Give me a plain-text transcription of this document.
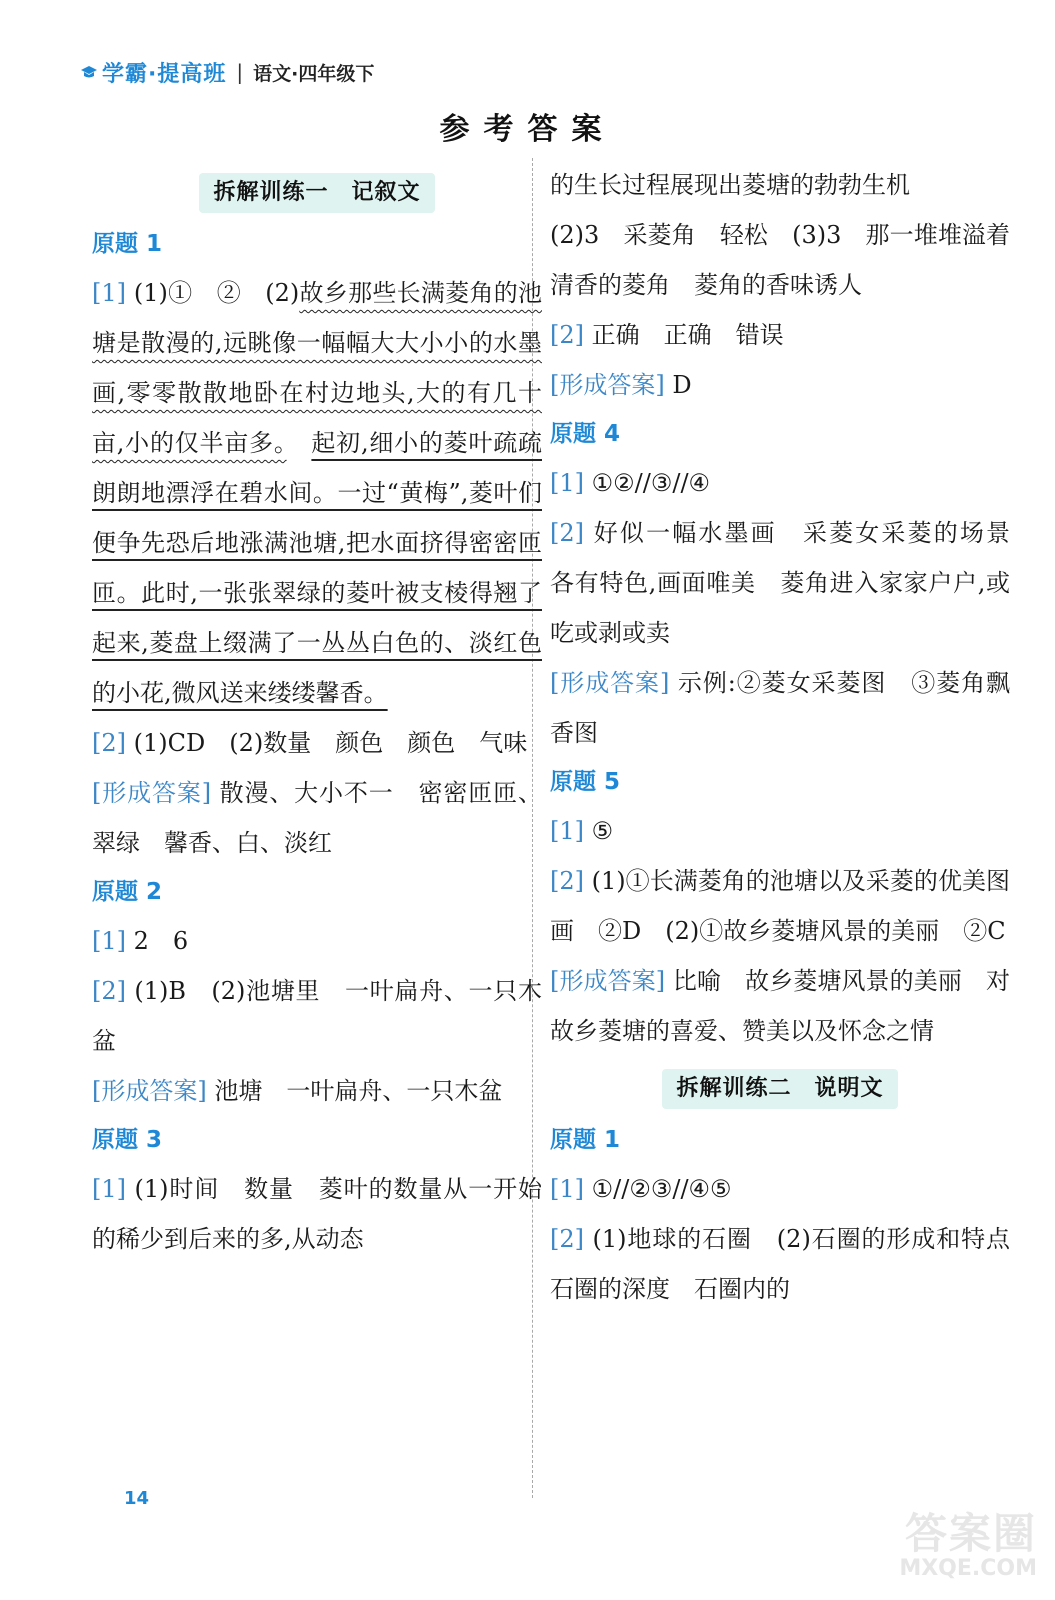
学霸·提高班 | 语文·四年级下
参考答案
拆解训练一　记叙文
原题 1

[1] (1)①　②　(2)故乡那些长满菱角的池塘是散漫的,远眺像一幅幅大大小小的水墨画,零零散散地卧在村边地头,大的有几十亩,小的仅半亩多。　 起初,细小的菱叶疏疏朗朗地漂浮在碧水间。一过“黄梅”,菱叶们便争先恐后地涨满池塘,把水面挤得密密匝匝。此时,一张张翠绿的菱叶被支棱得翘了起来,菱盘上缀满了一丛丛白色的、淡红色的小花,微风送来缕缕馨香。

[2] (1)CD　(2)数量　颜色　颜色　气味

[形成答案] 散漫、大小不一　密密匝匝、翠绿　馨香、白、淡红

原题 2

[1] 2　6

[2] (1)B　(2)池塘里　一叶扁舟、一只木盆

[形成答案] 池塘　一叶扁舟、一只木盆

原题 3

[1] (1)时间　数量　菱叶的数量从一开始的稀少到后来的多,从动态

的生长过程展现出菱塘的勃勃生机

(2)3　采菱角　轻松　(3)3　那一堆堆溢着清香的菱角　菱角的香味诱人

[2] 正确　正确　错误

[形成答案] D

原题 4

[1] ①②//③//④

[2] 好似一幅水墨画　采菱女采菱的场景　各有特色,画面唯美　菱角进入家家户户,或吃或剥或卖

[形成答案] 示例:②菱女采菱图　③菱角飘香图

原题 5

[1] ⑤

[2] (1)①长满菱角的池塘以及采菱的优美图画　②D　(2)①故乡菱塘风景的美丽　②C

[形成答案] 比喻　故乡菱塘风景的美丽　对故乡菱塘的喜爱、赞美以及怀念之情

拆解训练二　说明文
原题 1

[1] ①//②③//④⑤

[2] (1)地球的石圈　(2)石圈的形成和特点　石圈的深度　石圈内的

14
答案圈
MXQE.COM
